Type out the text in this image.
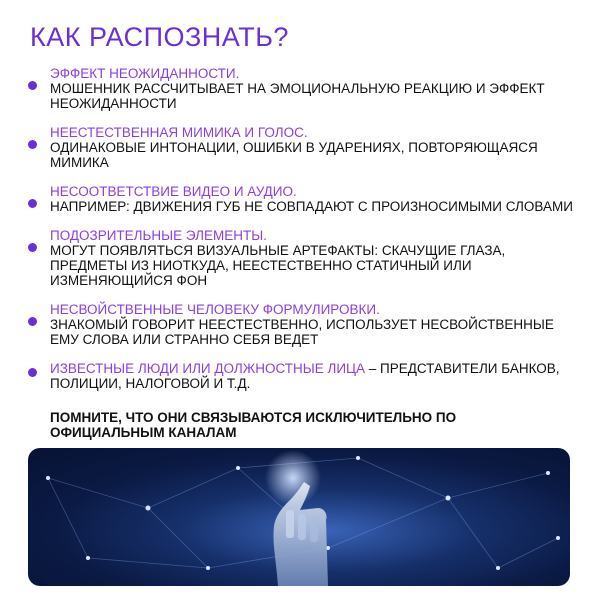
КАК РАСПОЗНАТЬ?
ЭФФЕКТ НЕОЖИДАННОСТИ.
МОШЕННИК РАССЧИТЫВАЕТ НА ЭМОЦИОНАЛЬНУЮ РЕАКЦИЮ И ЭФФЕКТ НЕОЖИДАННОСТИ
НЕЕСТЕСТВЕННАЯ МИМИКА И ГОЛОС.
ОДИНАКОВЫЕ ИНТОНАЦИИ, ОШИБКИ В УДАРЕНИЯХ, ПОВТОРЯЮЩАЯСЯ МИМИКА
НЕСООТВЕТСТВИЕ ВИДЕО И АУДИО.
НАПРИМЕР: ДВИЖЕНИЯ ГУБ НЕ СОВПАДАЮТ С ПРОИЗНОСИМЫМИ СЛОВАМИ
ПОДОЗРИТЕЛЬНЫЕ ЭЛЕМЕНТЫ.
МОГУТ ПОЯВЛЯТЬСЯ ВИЗУАЛЬНЫЕ АРТЕФАКТЫ: СКАЧУЩИЕ ГЛАЗА, ПРЕДМЕТЫ ИЗ НИОТКУДА, НЕЕСТЕСТВЕННО СТАТИЧНЫЙ ИЛИ ИЗМЕНЯЮЩИЙСЯ ФОН
НЕСВОЙСТВЕННЫЕ ЧЕЛОВЕКУ ФОРМУЛИРОВКИ.
ЗНАКОМЫЙ ГОВОРИТ НЕЕСТЕСТВЕННО, ИСПОЛЬЗУЕТ НЕСВОЙСТВЕННЫЕ ЕМУ СЛОВА ИЛИ СТРАННО СЕБЯ ВЕДЕТ
ИЗВЕСТНЫЕ ЛЮДИ ИЛИ ДОЛЖНОСТНЫЕ ЛИЦА – ПРЕДСТАВИТЕЛИ БАНКОВ, ПОЛИЦИИ, НАЛОГОВОЙ И Т.Д.
ПОМНИТЕ, ЧТО ОНИ СВЯЗЫВАЮТСЯ ИСКЛЮЧИТЕЛЬНО ПО ОФИЦИАЛЬНЫМ КАНАЛАМ
